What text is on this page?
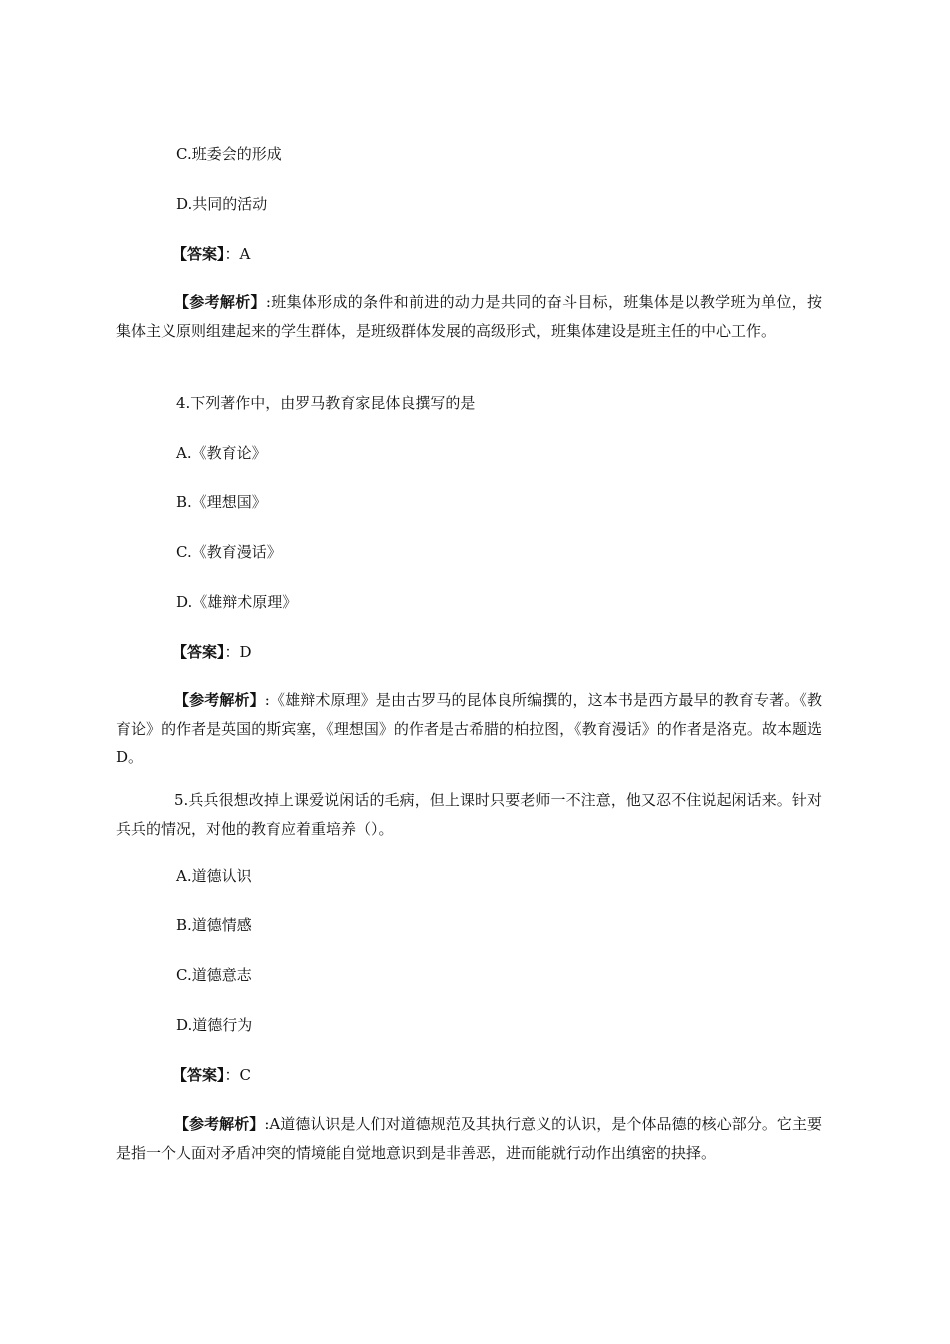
C.班委会的形成

D.共同的活动

【答案】：A

【参考解析】:班集体形成的条件和前进的动力是共同的奋斗目标，班集体是以教学班为单位，按集体主义原则组建起来的学生群体，是班级群体发展的高级形式，班集体建设是班主任的中心工作。

4.下列著作中，由罗马教育家昆体良撰写的是

A.《教育论》

B.《理想国》

C.《教育漫话》

D.《雄辩术原理》

【答案】：D

【参考解析】:《雄辩术原理》是由古罗马的昆体良所编撰的，这本书是西方最早的教育专著。《教育论》的作者是英国的斯宾塞，《理想国》的作者是古希腊的柏拉图，《教育漫话》的作者是洛克。故本题选D。

5.兵兵很想改掉上课爱说闲话的毛病，但上课时只要老师一不注意，他又忍不住说起闲话来。针对兵兵的情况，对他的教育应着重培养（）。

A.道德认识

B.道德情感

C.道德意志

D.道德行为

【答案】：C

【参考解析】:A道德认识是人们对道德规范及其执行意义的认识，是个体品德的核心部分。它主要是指一个人面对矛盾冲突的情境能自觉地意识到是非善恶，进而能就行动作出缜密的抉择。
